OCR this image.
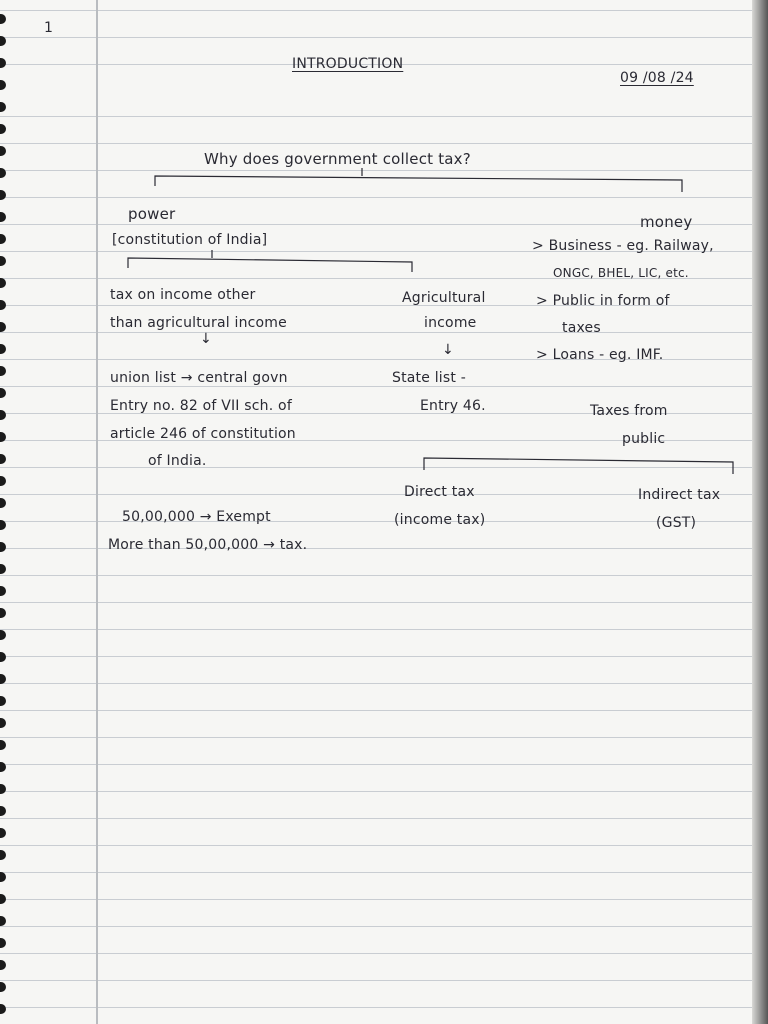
1
INTRODUCTION
09 /08 /24
Why does government collect tax?
power
[constitution of India]
money
> Business - eg. Railway,
ONGC, BHEL, LIC, etc.
> Public in form of
taxes
> Loans - eg. IMF.
tax on income other
than agricultural income
↓
Agricultural
income
↓
union list → central govn
Entry no. 82 of VII sch. of
article 246 of constitution
of India.
State list -
Entry 46.	Taxes from
public
Direct tax
(income tax)
Indirect tax
(GST)
50,00,000 → Exempt
More than 50,00,000 → tax.
